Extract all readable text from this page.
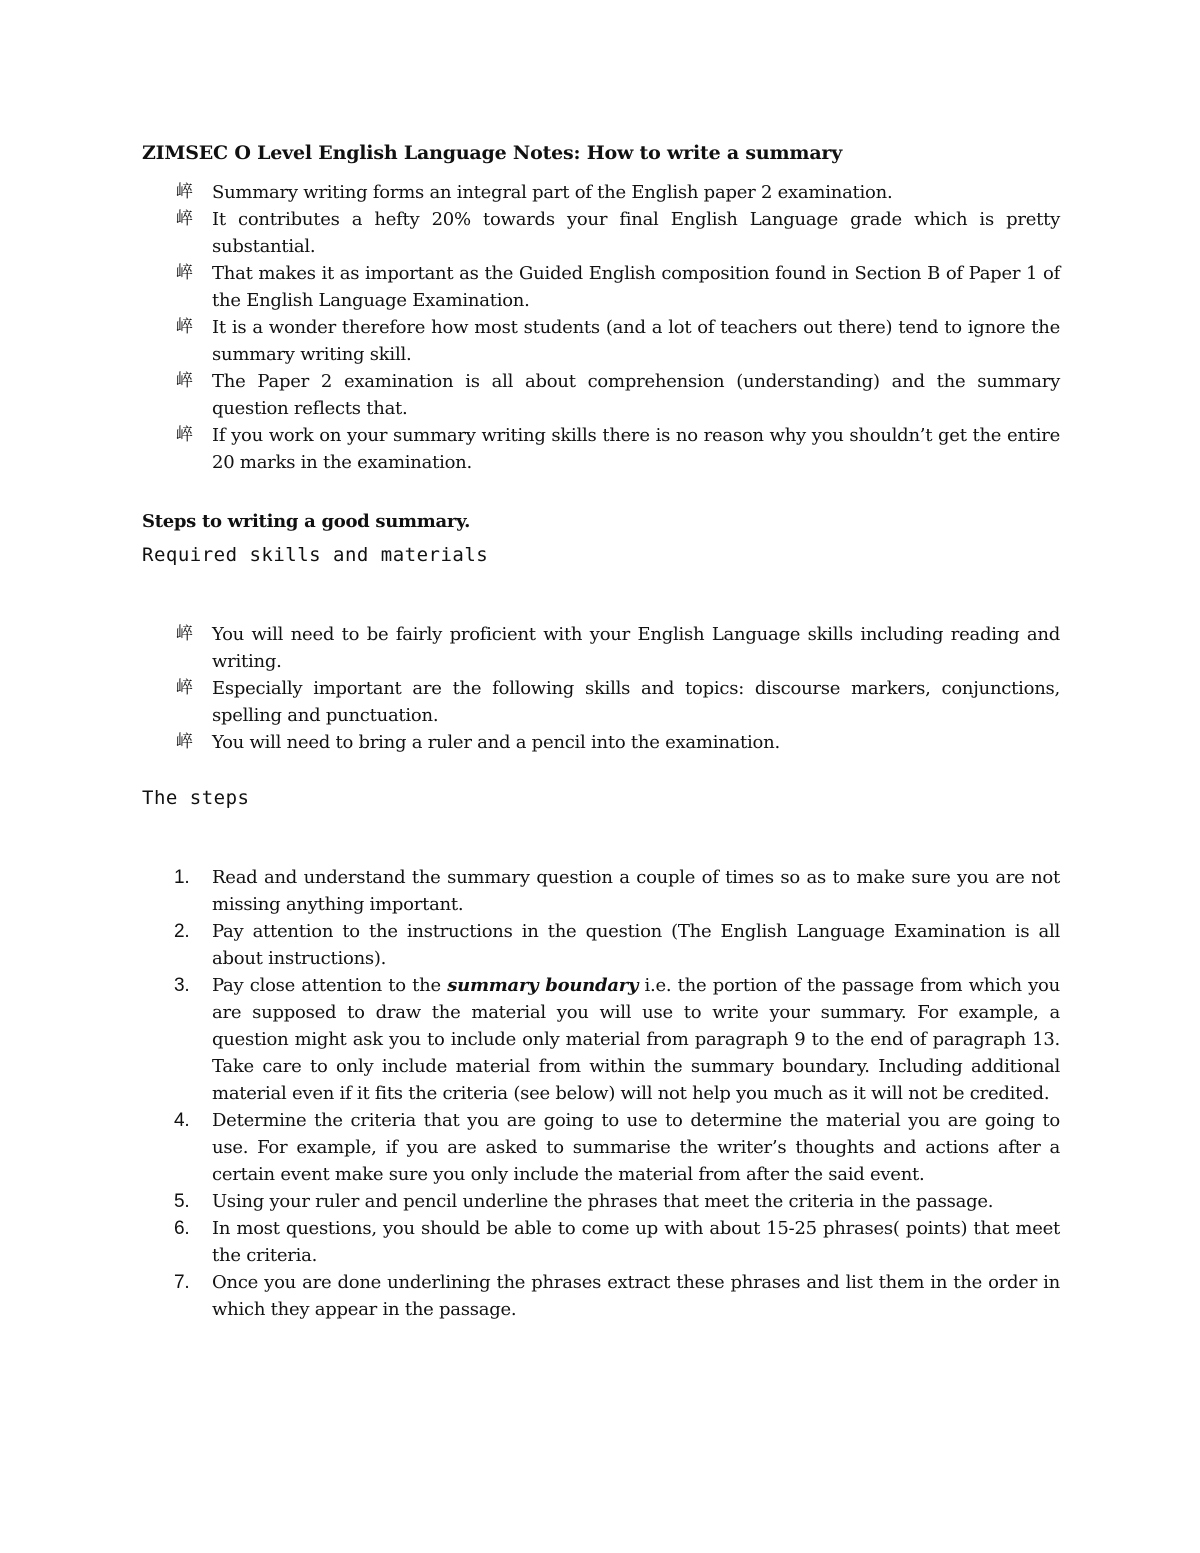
ZIMSEC O Level English Language Notes: How to write a summary
崪 Summary writing forms an integral part of the English paper 2 examination.
崪 It contributes a hefty 20% towards your final English Language grade which is pretty substantial.
崪 That makes it as important as the Guided English composition found in Section B of Paper 1 of the English Language Examination.
崪 It is a wonder therefore how most students (and a lot of teachers out there) tend to ignore the summary writing skill.
崪 The Paper 2 examination is all about comprehension (understanding) and the summary question reflects that.
崪 If you work on your summary writing skills there is no reason why you shouldn’t get the entire 20 marks in the examination.
Steps to writing a good summary.
Required skills and materials
崪 You will need to be fairly proficient with your English Language skills including reading and writing.
崪 Especially important are the following skills and topics: discourse markers, conjunctions, spelling and punctuation.
崪 You will need to bring a ruler and a pencil into the examination.
The steps
1. Read and understand the summary question a couple of times so as to make sure you are not missing anything important.
2. Pay attention to the instructions in the question (The English Language Examination is all about instructions).
3. Pay close attention to the summary boundary i.e. the portion of the passage from which you are supposed to draw the material you will use to write your summary. For example, a question might ask you to include only material from paragraph 9 to the end of paragraph 13. Take care to only include material from within the summary boundary. Including additional material even if it fits the criteria (see below) will not help you much as it will not be credited.
4. Determine the criteria that you are going to use to determine the material you are going to use. For example, if you are asked to summarise the writer’s thoughts and actions after a certain event make sure you only include the material from after the said event.
5. Using your ruler and pencil underline the phrases that meet the criteria in the passage.
6. In most questions, you should be able to come up with about 15-25 phrases( points) that meet the criteria.
7. Once you are done underlining the phrases extract these phrases and list them in the order in which they appear in the passage.
